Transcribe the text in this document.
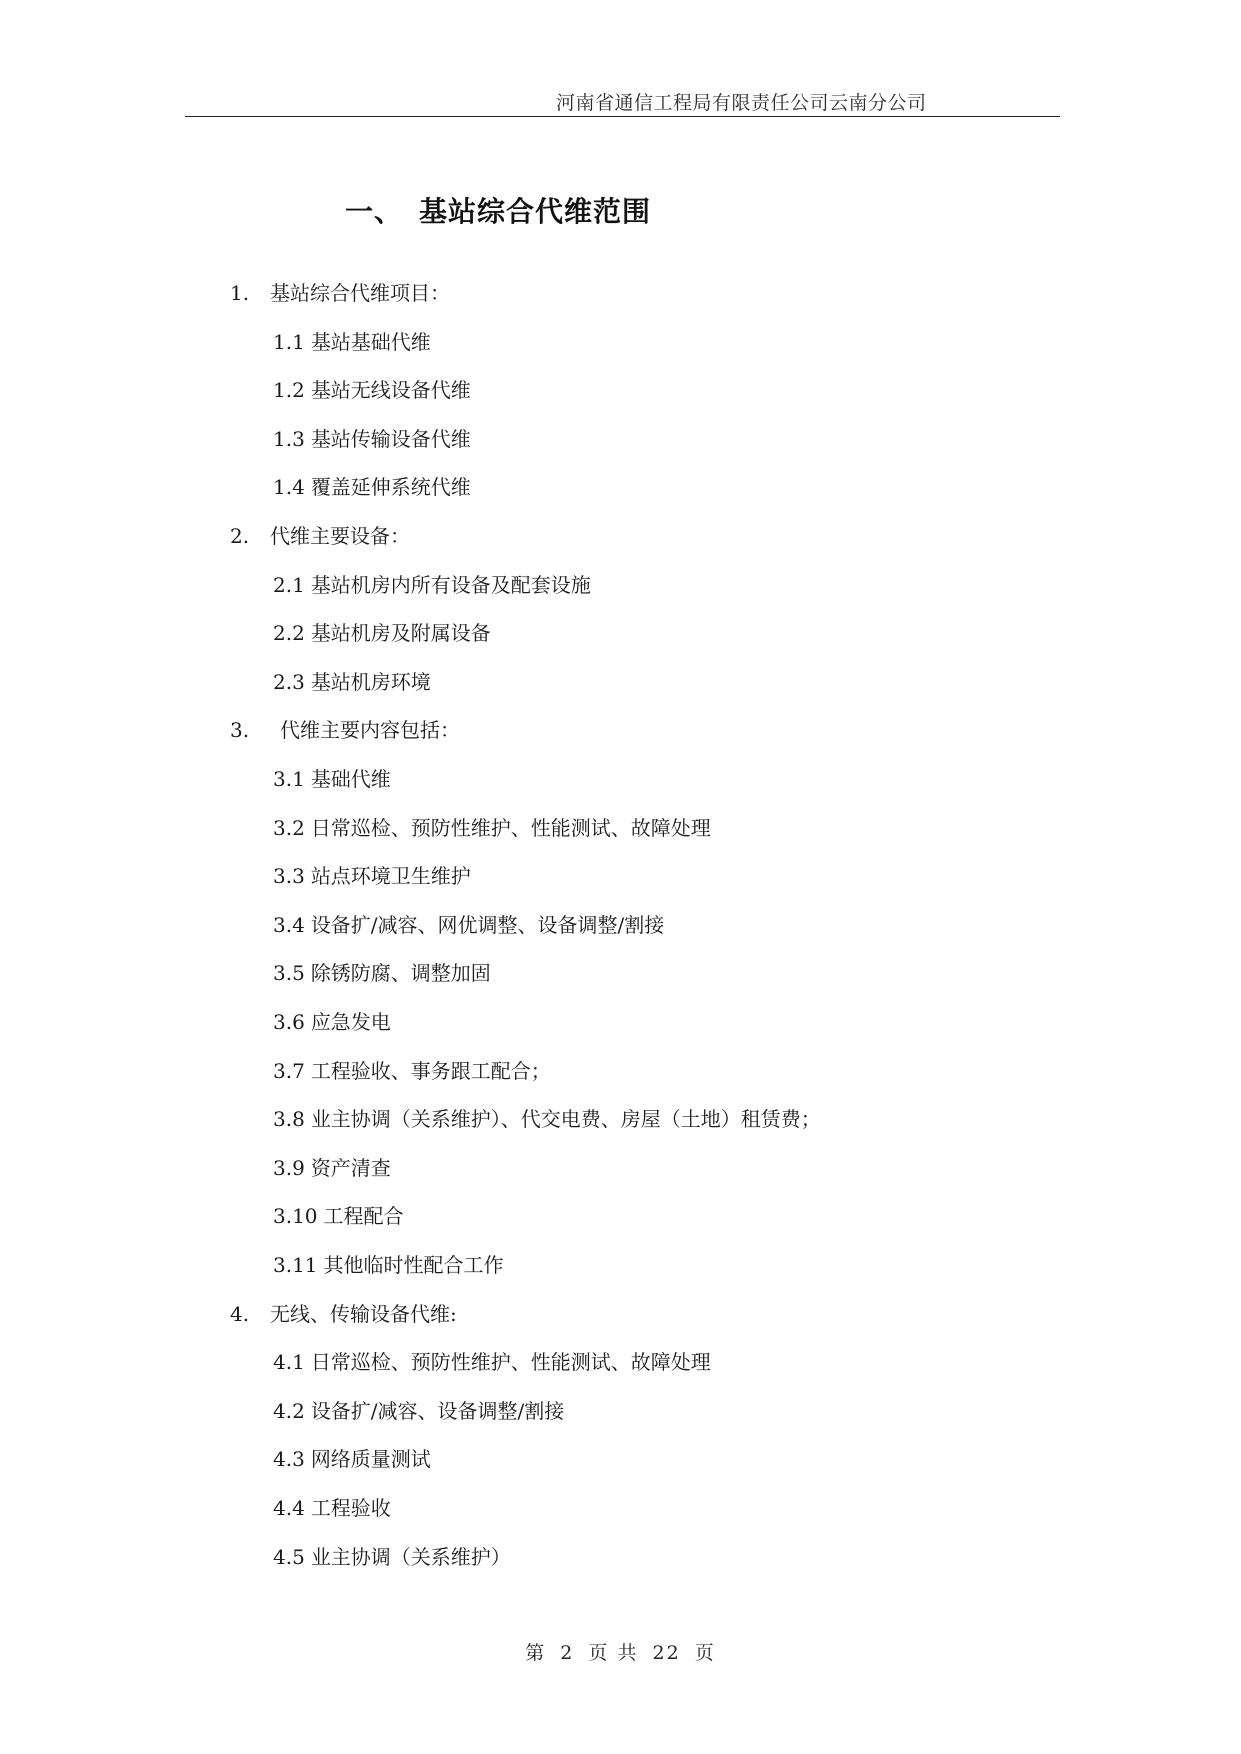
河南省通信工程局有限责任公司云南分公司
一、 基站综合代维范围
1. 基站综合代维项目：
1.1 基站基础代维
1.2 基站无线设备代维
1.3 基站传输设备代维
1.4 覆盖延伸系统代维
2. 代维主要设备：
2.1 基站机房内所有设备及配套设施
2.2 基站机房及附属设备
2.3 基站机房环境
3. 代维主要内容包括：
3.1 基础代维
3.2 日常巡检、预防性维护、性能测试、故障处理
3.3 站点环境卫生维护
3.4 设备扩/减容、网优调整、设备调整/割接
3.5 除锈防腐、调整加固
3.6 应急发电
3.7 工程验收、事务跟工配合；
3.8 业主协调（关系维护）、代交电费、房屋（土地）租赁费；
3.9 资产清查
3.10 工程配合
3.11 其他临时性配合工作
4. 无线、传输设备代维:
4.1 日常巡检、预防性维护、性能测试、故障处理
4.2 设备扩/减容、设备调整/割接
4.3 网络质量测试
4.4 工程验收
4.5 业主协调（关系维护）
第 2 页 共 22 页
